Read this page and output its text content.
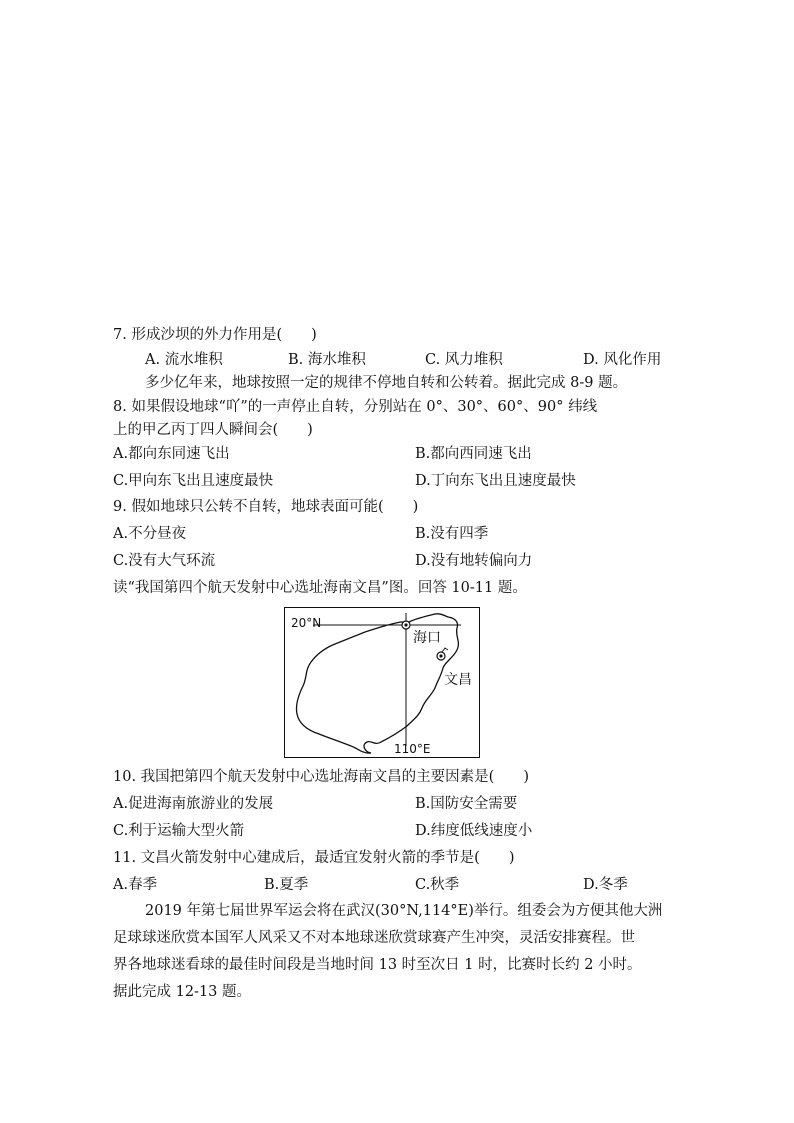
7. 形成沙坝的外力作用是(　　)
A. 流水堆积	B. 海水堆积	C. 风力堆积	D. 风化作用
多少亿年来，地球按照一定的规律不停地自转和公转着。据此完成 8-9 题。
8. 如果假设地球“吖”的一声停止自转，分别站在 0°、30°、60°、90° 纬线
上的甲乙丙丁四人瞬间会(　　)
A.都向东同速飞出	B.都向西同速飞出
C.甲向东飞出且速度最快	D.丁向东飞出且速度最快
9. 假如地球只公转不自转，地球表面可能(　　)
A.不分昼夜	B.没有四季
C.没有大气环流	D.没有地转偏向力
读“我国第四个航天发射中心选址海南文昌”图。回答 10-11 题。
20°N
海口
文昌
110°E
10. 我国把第四个航天发射中心选址海南文昌的主要因素是(　　)
A.促进海南旅游业的发展	B.国防安全需要
C.利于运输大型火箭	D.纬度低线速度小
11. 文昌火箭发射中心建成后，最适宜发射火箭的季节是(　　)
A.春季	B.夏季	C.秋季	D.冬季
2019 年第七届世界军运会将在武汉(30°N,114°E)举行。组委会为方便其他大洲
足球球迷欣赏本国军人风采又不对本地球迷欣赏球赛产生冲突，灵活安排赛程。世
界各地球迷看球的最佳时间段是当地时间 13 时至次日 1 时，比赛时长约 2 小时。
据此完成 12-13 题。
